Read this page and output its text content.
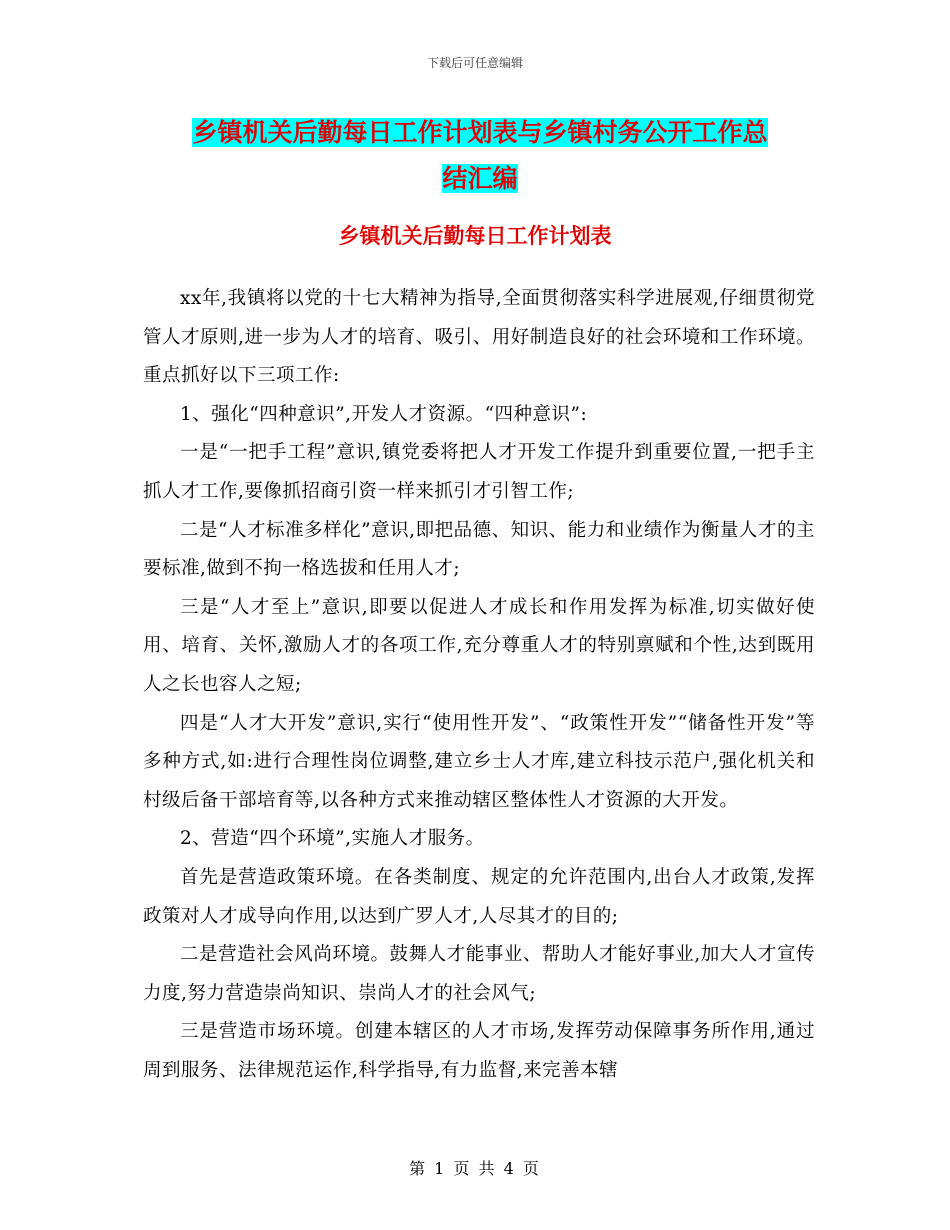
下载后可任意编辑
乡镇机关后勤每日工作计划表与乡镇村务公开工作总
结汇编
乡镇机关后勤每日工作计划表

xx年,我镇将以党的十七大精神为指导,全面贯彻落实科学进展观,仔细贯彻党管人才原则,进一步为人才的培育、吸引、用好制造良好的社会环境和工作环境。重点抓好以下三项工作:

1、强化“四种意识”,开发人才资源。“四种意识”:

一是“一把手工程”意识,镇党委将把人才开发工作提升到重要位置,一把手主抓人才工作,要像抓招商引资一样来抓引才引智工作;

二是“人才标准多样化”意识,即把品德、知识、能力和业绩作为衡量人才的主要标准,做到不拘一格选拔和任用人才;

三是“人才至上”意识,即要以促进人才成长和作用发挥为标准,切实做好使用、培育、关怀,激励人才的各项工作,充分尊重人才的特别禀赋和个性,达到既用人之长也容人之短;

四是“人才大开发”意识,实行“使用性开发”、“政策性开发”“储备性开发”等多种方式,如:进行合理性岗位调整,建立乡士人才库,建立科技示范户,强化机关和村级后备干部培育等,以各种方式来推动辖区整体性人才资源的大开发。

2、营造“四个环境”,实施人才服务。

首先是营造政策环境。在各类制度、规定的允许范围内,出台人才政策,发挥政策对人才成导向作用,以达到广罗人才,人尽其才的目的;

二是营造社会风尚环境。鼓舞人才能事业、帮助人才能好事业,加大人才宣传力度,努力营造崇尚知识、崇尚人才的社会风气;

三是营造市场环境。创建本辖区的人才市场,发挥劳动保障事务所作用,通过周到服务、法律规范运作,科学指导,有力监督,来完善本辖

第 1 页 共 4 页
